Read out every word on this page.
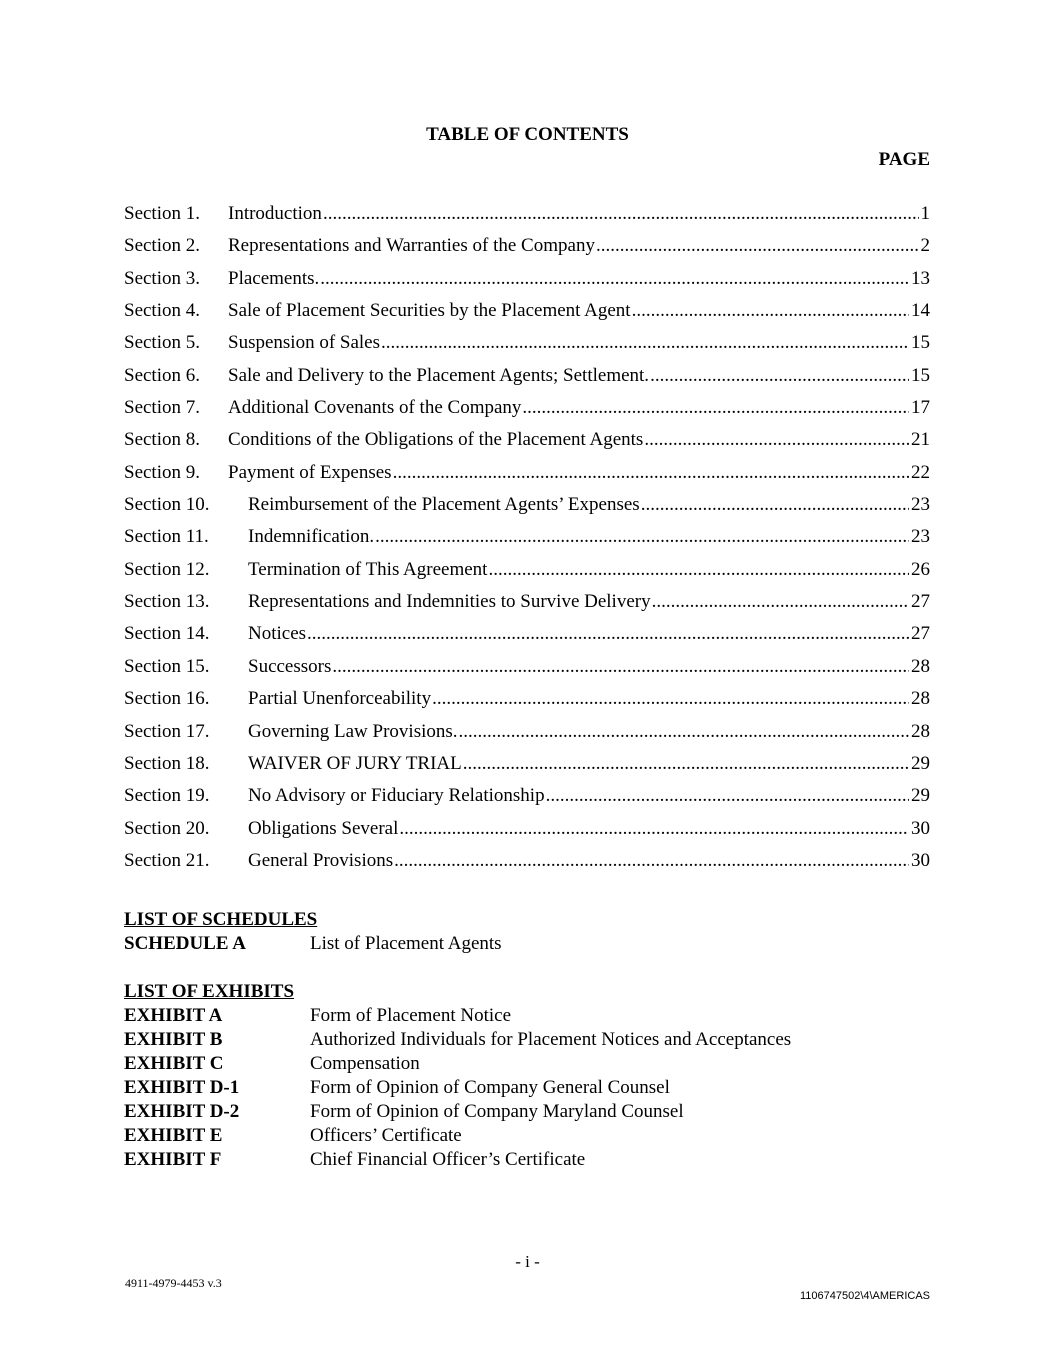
TABLE OF CONTENTS
PAGE
Section 1.	Introduction .....	1
Section 2.	Representations and Warranties of the Company .....	2
Section 3.	Placements. .....	13
Section 4.	Sale of Placement Securities by the Placement Agent .....	14
Section 5.	Suspension of Sales .....	15
Section 6.	Sale and Delivery to the Placement Agents; Settlement. .....	15
Section 7.	Additional Covenants of the Company .....	17
Section 8.	Conditions of the Obligations of the Placement Agents .....	21
Section 9.	Payment of Expenses .....	22
Section 10.	Reimbursement of the Placement Agents’ Expenses .....	23
Section 11.	Indemnification. .....	23
Section 12.	Termination of This Agreement .....	26
Section 13.	Representations and Indemnities to Survive Delivery .....	27
Section 14.	Notices .....	27
Section 15.	Successors .....	28
Section 16.	Partial Unenforceability .....	28
Section 17.	Governing Law Provisions. .....	28
Section 18.	WAIVER OF JURY TRIAL .....	29
Section 19.	No Advisory or Fiduciary Relationship .....	29
Section 20.	Obligations Several .....	30
Section 21.	General Provisions .....	30
LIST OF SCHEDULES
SCHEDULE A	List of Placement Agents
LIST OF EXHIBITS
EXHIBIT A	Form of Placement Notice
EXHIBIT B	Authorized Individuals for Placement Notices and Acceptances
EXHIBIT C	Compensation
EXHIBIT D-1	Form of Opinion of Company General Counsel
EXHIBIT D-2	Form of Opinion of Company Maryland Counsel
EXHIBIT E	Officers’ Certificate
EXHIBIT F	Chief Financial Officer’s Certificate
- i -
4911-4979-4453 v.3
1106747502\4\AMERICAS
